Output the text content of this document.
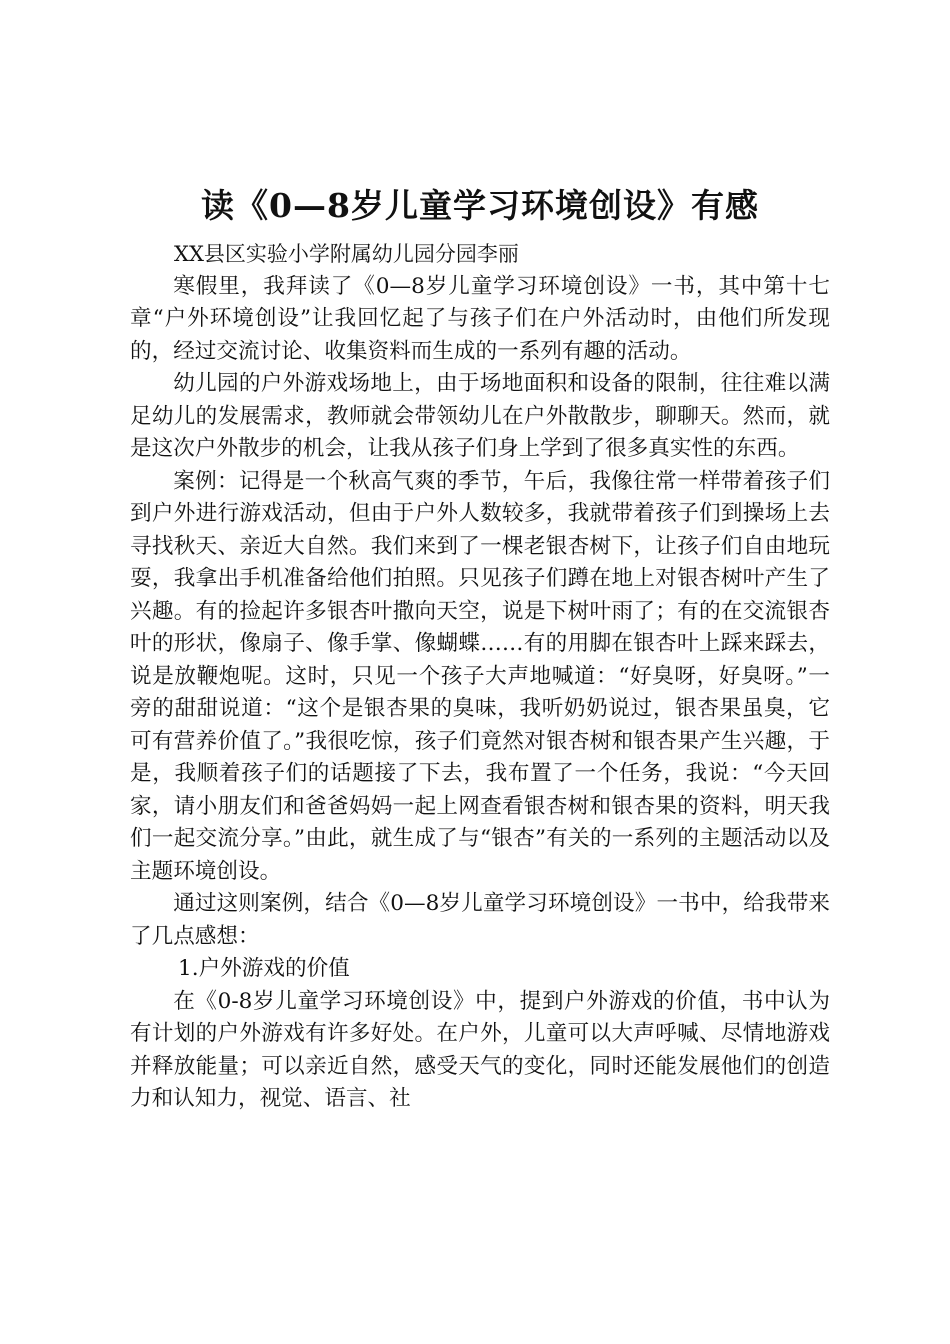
读《0—8岁儿童学习环境创设》有感

XX县区实验小学附属幼儿园分园李丽

寒假里，我拜读了《0—8岁儿童学习环境创设》一书，其中第十七章“户外环境创设”让我回忆起了与孩子们在户外活动时，由他们所发现的，经过交流讨论、收集资料而生成的一系列有趣的活动。

幼儿园的户外游戏场地上，由于场地面积和设备的限制，往往难以满足幼儿的发展需求，教师就会带领幼儿在户外散散步，聊聊天。然而，就是这次户外散步的机会，让我从孩子们身上学到了很多真实性的东西。

案例：记得是一个秋高气爽的季节，午后，我像往常一样带着孩子们到户外进行游戏活动，但由于户外人数较多，我就带着孩子们到操场上去寻找秋天、亲近大自然。我们来到了一棵老银杏树下，让孩子们自由地玩耍，我拿出手机准备给他们拍照。只见孩子们蹲在地上对银杏树叶产生了兴趣。有的捡起许多银杏叶撒向天空，说是下树叶雨了；有的在交流银杏叶的形状，像扇子、像手掌、像蝴蝶……有的用脚在银杏叶上踩来踩去，说是放鞭炮呢。这时，只见一个孩子大声地喊道：“好臭呀，好臭呀。”一旁的甜甜说道：“这个是银杏果的臭味，我听奶奶说过，银杏果虽臭，它可有营养价值了。”我很吃惊，孩子们竟然对银杏树和银杏果产生兴趣，于是，我顺着孩子们的话题接了下去，我布置了一个任务，我说：“今天回家，请小朋友们和爸爸妈妈一起上网查看银杏树和银杏果的资料，明天我们一起交流分享。”由此，就生成了与“银杏”有关的一系列的主题活动以及主题环境创设。

通过这则案例，结合《0—8岁儿童学习环境创设》一书中，给我带来了几点感想：

1.户外游戏的价值

在《0-8岁儿童学习环境创设》中，提到户外游戏的价值，书中认为有计划的户外游戏有许多好处。在户外，儿童可以大声呼喊、尽情地游戏并释放能量；可以亲近自然，感受天气的变化，同时还能发展他们的创造力和认知力，视觉、语言、社
